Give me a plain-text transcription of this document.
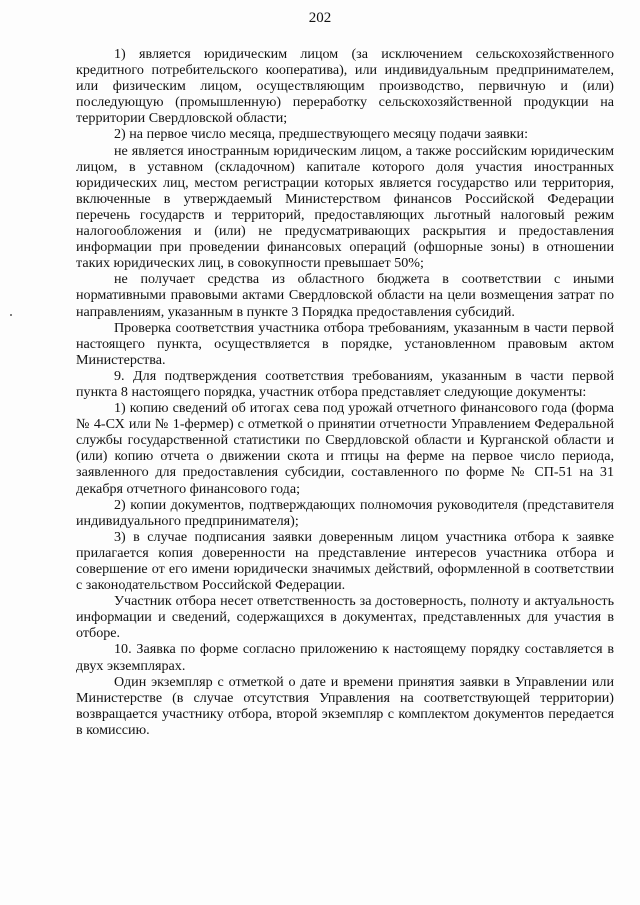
202

1) является юридическим лицом (за исключением сельскохозяйственного кредитного потребительского кооператива), или индивидуальным предпринимателем, или физическим лицом, осуществляющим производство, первичную и (или) последующую (промышленную) переработку сельскохозяйственной продукции на территории Свердловской области;

2) на первое число месяца, предшествующего месяцу подачи заявки:

не является иностранным юридическим лицом, а также российским юридическим лицом, в уставном (складочном) капитале которого доля участия иностранных юридических лиц, местом регистрации которых является государство или территория, включенные в утверждаемый Министерством финансов Российской Федерации перечень государств и территорий, предоставляющих льготный налоговый режим налогообложения и (или) не предусматривающих раскрытия и предоставления информации при проведении финансовых операций (офшорные зоны) в отношении таких юридических лиц, в совокупности превышает 50%;

не получает средства из областного бюджета в соответствии с иными нормативными правовыми актами Свердловской области на цели возмещения затрат по направлениям, указанным в пункте 3 Порядка предоставления субсидий.

Проверка соответствия участника отбора требованиям, указанным в части первой настоящего пункта, осуществляется в порядке, установленном правовым актом Министерства.

9. Для подтверждения соответствия требованиям, указанным в части первой пункта 8 настоящего порядка, участник отбора представляет следующие документы:

1) копию сведений об итогах сева под урожай отчетного финансового года (форма № 4-СХ или № 1-фермер) с отметкой о принятии отчетности Управлением Федеральной службы государственной статистики по Свердловской области и Курганской области и (или) копию отчета о движении скота и птицы на ферме на первое число периода, заявленного для предоставления субсидии, составленного по форме № СП-51 на 31 декабря отчетного финансового года;

2) копии документов, подтверждающих полномочия руководителя (представителя индивидуального предпринимателя);

3) в случае подписания заявки доверенным лицом участника отбора к заявке прилагается копия доверенности на представление интересов участника отбора и совершение от его имени юридически значимых действий, оформленной в соответствии с законодательством Российской Федерации.

Участник отбора несет ответственность за достоверность, полноту и актуальность информации и сведений, содержащихся в документах, представленных для участия в отборе.

10. Заявка по форме согласно приложению к настоящему порядку составляется в двух экземплярах.

Один экземпляр с отметкой о дате и времени принятия заявки в Управлении или Министерстве (в случае отсутствия Управления на соответствующей территории) возвращается участнику отбора, второй экземпляр с комплектом документов передается в комиссию.
